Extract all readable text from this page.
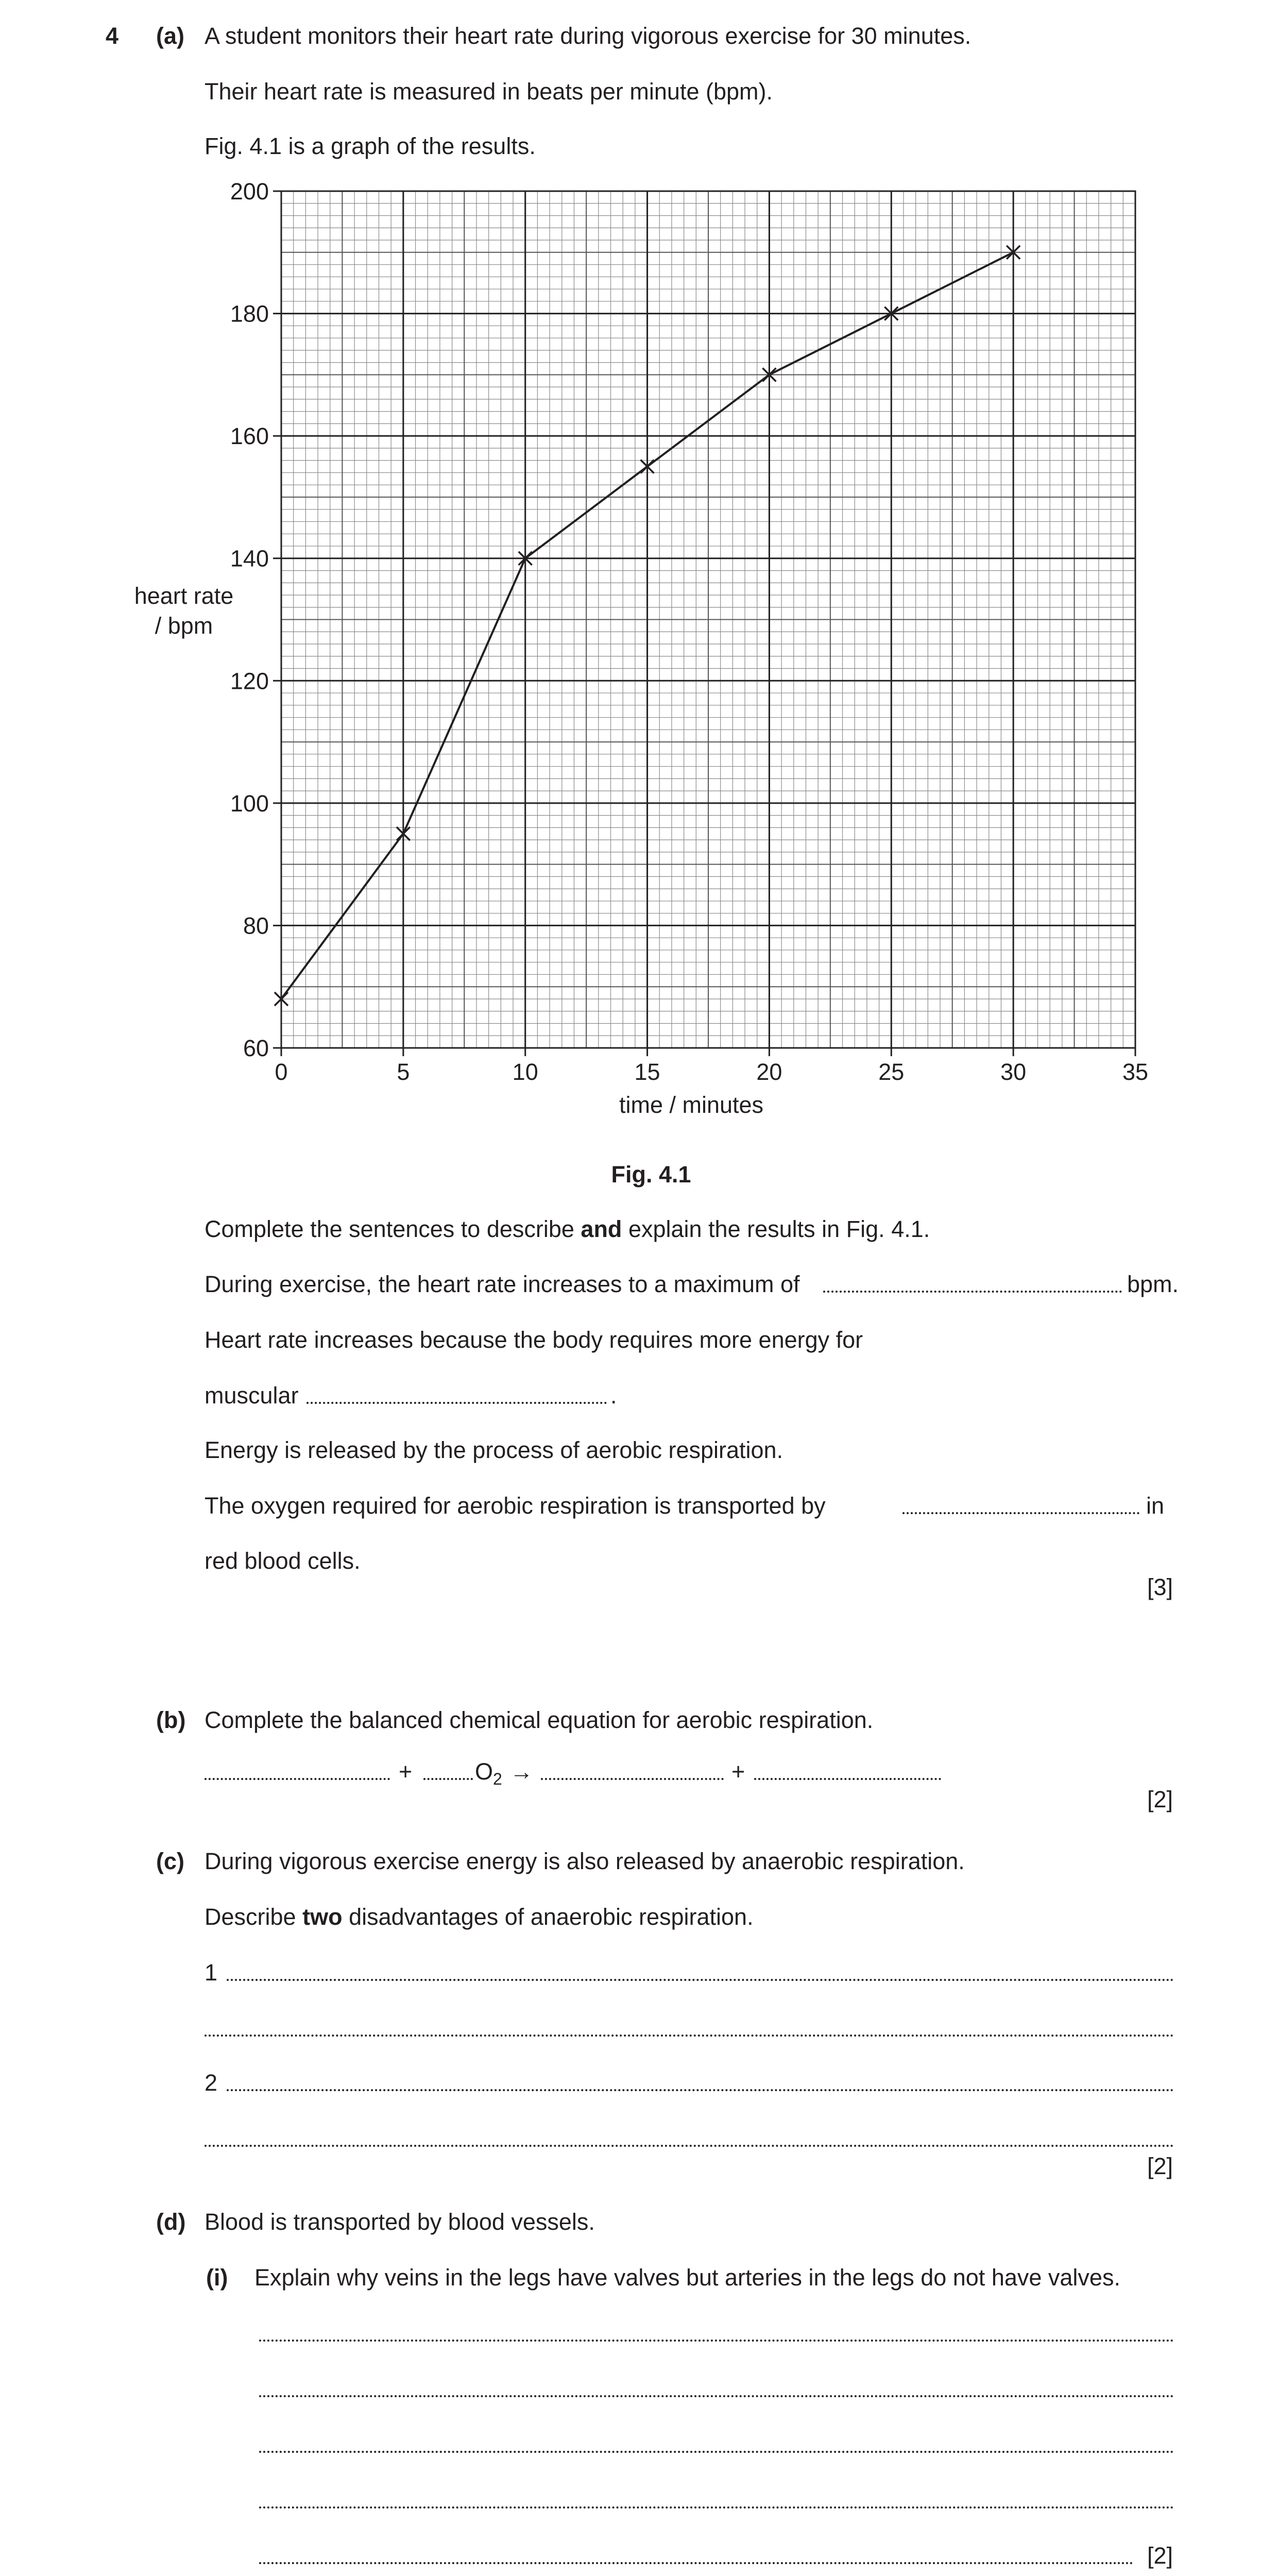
4 (a) A student monitors their heart rate during vigorous exercise for 30 minutes.
Their heart rate is measured in beats per minute (bpm).
Fig. 4.1 is a graph of the results.
0	5	10	15	20	25	30	35
60
80
100
120
140
160
180
200
time / minutes
heart rate
/ bpm
Fig. 4.1
Complete the sentences to describe and explain the results in Fig. 4.1.
During exercise, the heart rate increases to a maximum of	bpm.
Heart rate increases because the body requires more energy for
muscular	.
Energy is released by the process of aerobic respiration.
The oxygen required for aerobic respiration is transported by	in
red blood cells.
[3]
(b) Complete the balanced chemical equation for aerobic respiration.
+	$O_2$ →	+
[2]
(c) During vigorous exercise energy is also released by anaerobic respiration.
Describe two disadvantages of anaerobic respiration.
1
2
[2]
(d) Blood is transported by blood vessels.
(i) Explain why veins in the legs have valves but arteries in the legs do not have valves.
[2]
